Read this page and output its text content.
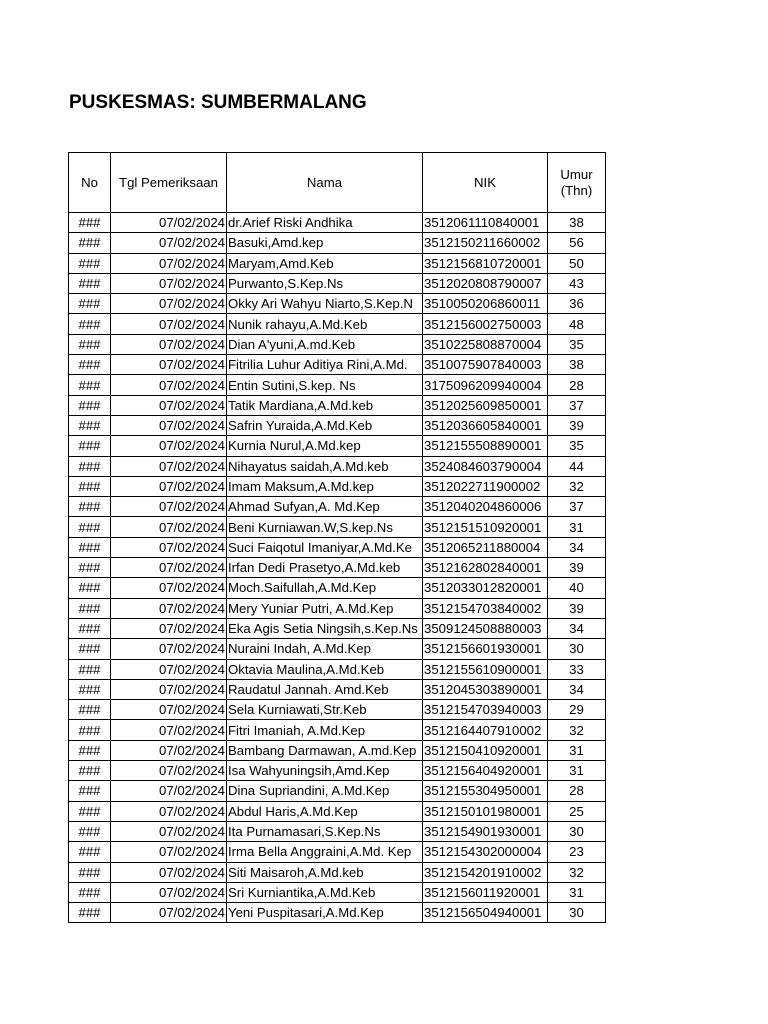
PUSKESMAS: SUMBERMALANG
No	Tgl Pemeriksaan	Nama	NIK	Umur (Thn)
###	07/02/2024	dr.Arief Riski Andhika	3512061110840001	38
###	07/02/2024	Basuki,Amd.kep	3512150211660002	56
###	07/02/2024	Maryam,Amd.Keb	3512156810720001	50
###	07/02/2024	Purwanto,S.Kep.Ns	3512020808790007	43
###	07/02/2024	Okky Ari Wahyu Niarto,S.Kep.N	3510050206860011	36
###	07/02/2024	Nunik rahayu,A.Md.Keb	3512156002750003	48
###	07/02/2024	Dian A'yuni,A.md.Keb	3510225808870004	35
###	07/02/2024	Fitrilia Luhur Aditiya Rini,A.Md.	3510075907840003	38
###	07/02/2024	Entin Sutini,S.kep. Ns	3175096209940004	28
###	07/02/2024	Tatik Mardiana,A.Md.keb	3512025609850001	37
###	07/02/2024	Safrin Yuraida,A.Md.Keb	3512036605840001	39
###	07/02/2024	Kurnia Nurul,A.Md.kep	3512155508890001	35
###	07/02/2024	Nihayatus saidah,A.Md.keb	3524084603790004	44
###	07/02/2024	Imam Maksum,A.Md.kep	3512022711900002	32
###	07/02/2024	Ahmad Sufyan,A. Md.Kep	3512040204860006	37
###	07/02/2024	Beni Kurniawan.W,S.kep.Ns	3512151510920001	31
###	07/02/2024	Suci Faiqotul Imaniyar,A.Md.Ke	3512065211880004	34
###	07/02/2024	Irfan Dedi Prasetyo,A.Md.keb	3512162802840001	39
###	07/02/2024	Moch.Saifullah,A.Md.Kep	3512033012820001	40
###	07/02/2024	Mery Yuniar Putri, A.Md.Kep	3512154703840002	39
###	07/02/2024	Eka Agis Setia Ningsih,s.Kep.Ns	3509124508880003	34
###	07/02/2024	Nuraini Indah, A.Md.Kep	3512156601930001	30
###	07/02/2024	Oktavia Maulina,A.Md.Keb	3512155610900001	33
###	07/02/2024	Raudatul Jannah. Amd.Keb	3512045303890001	34
###	07/02/2024	Sela Kurniawati,Str.Keb	3512154703940003	29
###	07/02/2024	Fitri Imaniah, A.Md.Kep	3512164407910002	32
###	07/02/2024	Bambang Darmawan, A.md.Kep	3512150410920001	31
###	07/02/2024	Isa Wahyuningsih,Amd.Kep	3512156404920001	31
###	07/02/2024	Dina Supriandini, A.Md.Kep	3512155304950001	28
###	07/02/2024	Abdul Haris,A.Md.Kep	3512150101980001	25
###	07/02/2024	Ita Purnamasari,S.Kep.Ns	3512154901930001	30
###	07/02/2024	Irma Bella Anggraini,A.Md. Kep	3512154302000004	23
###	07/02/2024	Siti Maisaroh,A.Md.keb	3512154201910002	32
###	07/02/2024	Sri Kurniantika,A.Md.Keb	3512156011920001	31
###	07/02/2024	Yeni Puspitasari,A.Md.Kep	3512156504940001	30
